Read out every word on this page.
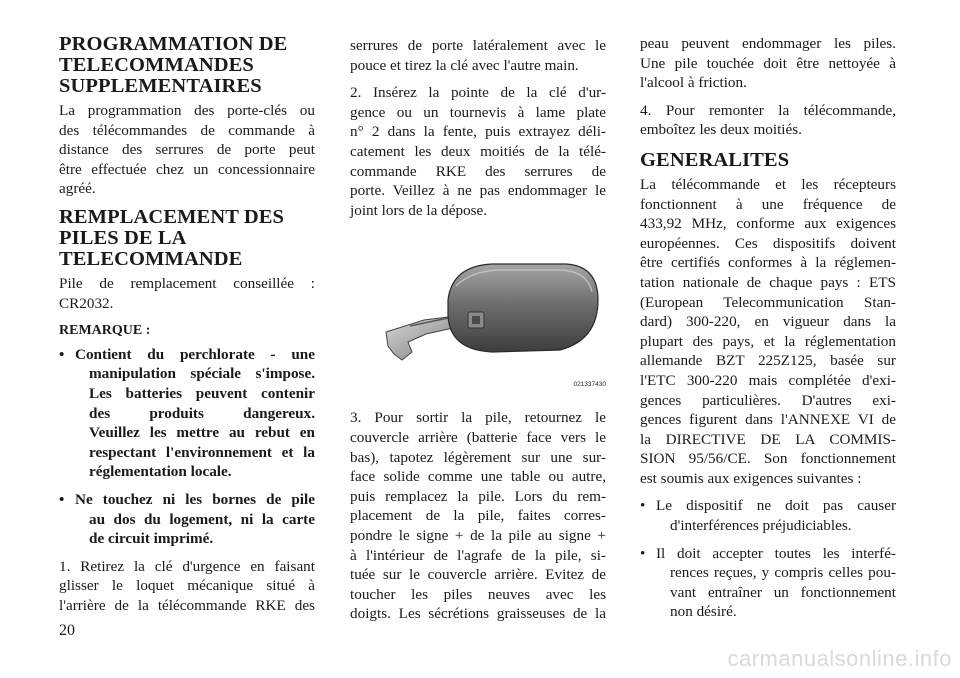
PROGRAMMATION DE
TELECOMMANDES
SUPPLEMENTAIRES

La programmation des porte-clés ou
des télécommandes de commande à
distance des serrures de porte peut
être effectuée chez un concessionnaire
agréé.

REMPLACEMENT DES
PILES DE LA
TELECOMMANDE

Pile de remplacement conseillée :
CR2032.

REMARQUE :
• Contient du perchlorate - une
manipulation spéciale s'impose.
Les batteries peuvent contenir
des produits dangereux.
Veuillez les mettre au rebut en
respectant l'environnement et la
réglementation locale.
• Ne touchez ni les bornes de pile
au dos du logement, ni la carte
de circuit imprimé.

1. Retirez la clé d'urgence en faisant
glisser le loquet mécanique situé à
l'arrière de la télécommande RKE des

serrures de porte latéralement avec le
pouce et tirez la clé avec l'autre main.

2. Insérez la pointe de la clé d'ur-
gence ou un tournevis à lame plate
n° 2 dans la fente, puis extrayez déli-
catement les deux moitiés de la télé-
commande RKE des serrures de
porte. Veillez à ne pas endommager le
joint lors de la dépose.

021337430

3. Pour sortir la pile, retournez le
couvercle arrière (batterie face vers le
bas), tapotez légèrement sur une sur-
face solide comme une table ou autre,
puis remplacez la pile. Lors du rem-
placement de la pile, faites corres-
pondre le signe + de la pile au signe +
à l'intérieur de l'agrafe de la pile, si-
tuée sur le couvercle arrière. Evitez de
toucher les piles neuves avec les
doigts. Les sécrétions graisseuses de la

peau peuvent endommager les piles.
Une pile touchée doit être nettoyée à
l'alcool à friction.

4. Pour remonter la télécommande,
emboîtez les deux moitiés.

GENERALITES

La télécommande et les récepteurs
fonctionnent à une fréquence de
433,92 MHz, conforme aux exigences
européennes. Ces dispositifs doivent
être certifiés conformes à la réglemen-
tation nationale de chaque pays : ETS
(European Telecommunication Stan-
dard) 300-220, en vigueur dans la
plupart des pays, et la réglementation
allemande BZT 225Z125, basée sur
l'ETC 300-220 mais complétée d'exi-
gences particulières. D'autres exi-
gences figurent dans l'ANNEXE VI de
la DIRECTIVE DE LA COMMIS-
SION 95/56/CE. Son fonctionnement
est soumis aux exigences suivantes :

• Le dispositif ne doit pas causer
d'interférences préjudiciables.
• Il doit accepter toutes les interfé-
rences reçues, y compris celles pou-
vant entraîner un fonctionnement
non désiré.
20
carmanualsonline.info
